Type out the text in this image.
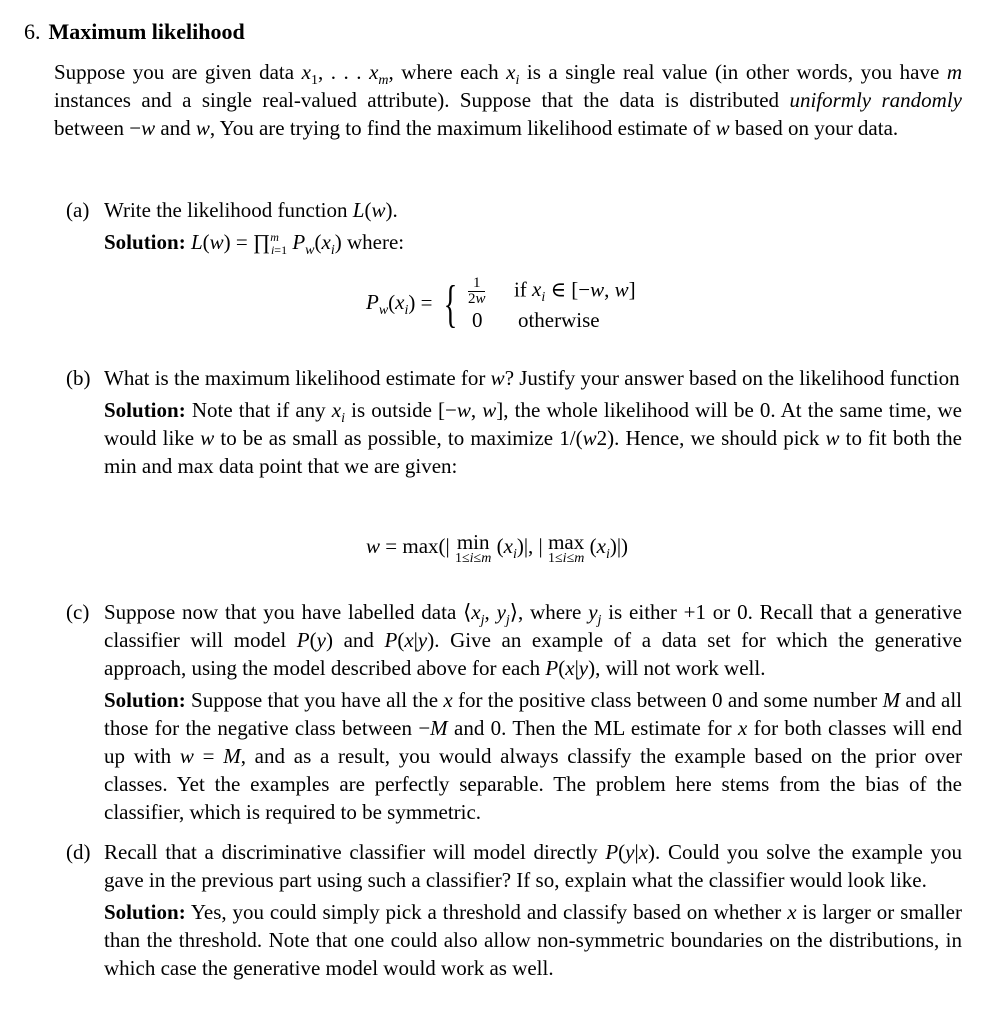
6. Maximum likelihood
Suppose you are given data $x_1$, . . . $x_m$, where each $x_i$ is a single real value (in other words, you have m instances and a single real-valued attribute). Suppose that the data is distributed uniformly randomly between −w and w, You are trying to find the maximum likelihood estimate of w based on your data.
(a) Write the likelihood function L(w).
Solution: L(w) = ∏$^m_{i=1}$ $P_w(x_i)$ where:
$P_w(x_i)$ = { $\frac{1}{2w}$ if $x_i$ ∈ [−w, w]
0 otherwise
(b) What is the maximum likelihood estimate for w? Justify your answer based on the likelihood function
Solution: Note that if any $x_i$ is outside [−w, w], the whole likelihood will be 0. At the same time, we would like w to be as small as possible, to maximize 1/(w2). Hence, we should pick w to fit both the min and max data point that we are given:
w = max(| min
1≤i≤m
$(x_i)|$, | max
1≤i≤m
$(x_i)|$)
(c) Suppose now that you have labelled data $⟨x_j$, $y_j⟩$, where $y_j$ is either +1 or 0. Recall that a generative classifier will model P(y) and P(x|y). Give an example of a data set for which the generative approach, using the model described above for each P(x|y), will not work well.
Solution: Suppose that you have all the x for the positive class between 0 and some number M and all those for the negative class between −M and 0. Then the ML estimate for x for both classes will end up with w = M, and as a result, you would always classify the example based on the prior over classes. Yet the examples are perfectly separable. The problem here stems from the bias of the classifier, which is required to be symmetric.
(d) Recall that a discriminative classifier will model directly P(y|x). Could you solve the example you gave in the previous part using such a classifier? If so, explain what the classifier would look like.
Solution: Yes, you could simply pick a threshold and classify based on whether x is larger or smaller than the threshold. Note that one could also allow non-symmetric boundaries on the distributions, in which case the generative model would work as well.
